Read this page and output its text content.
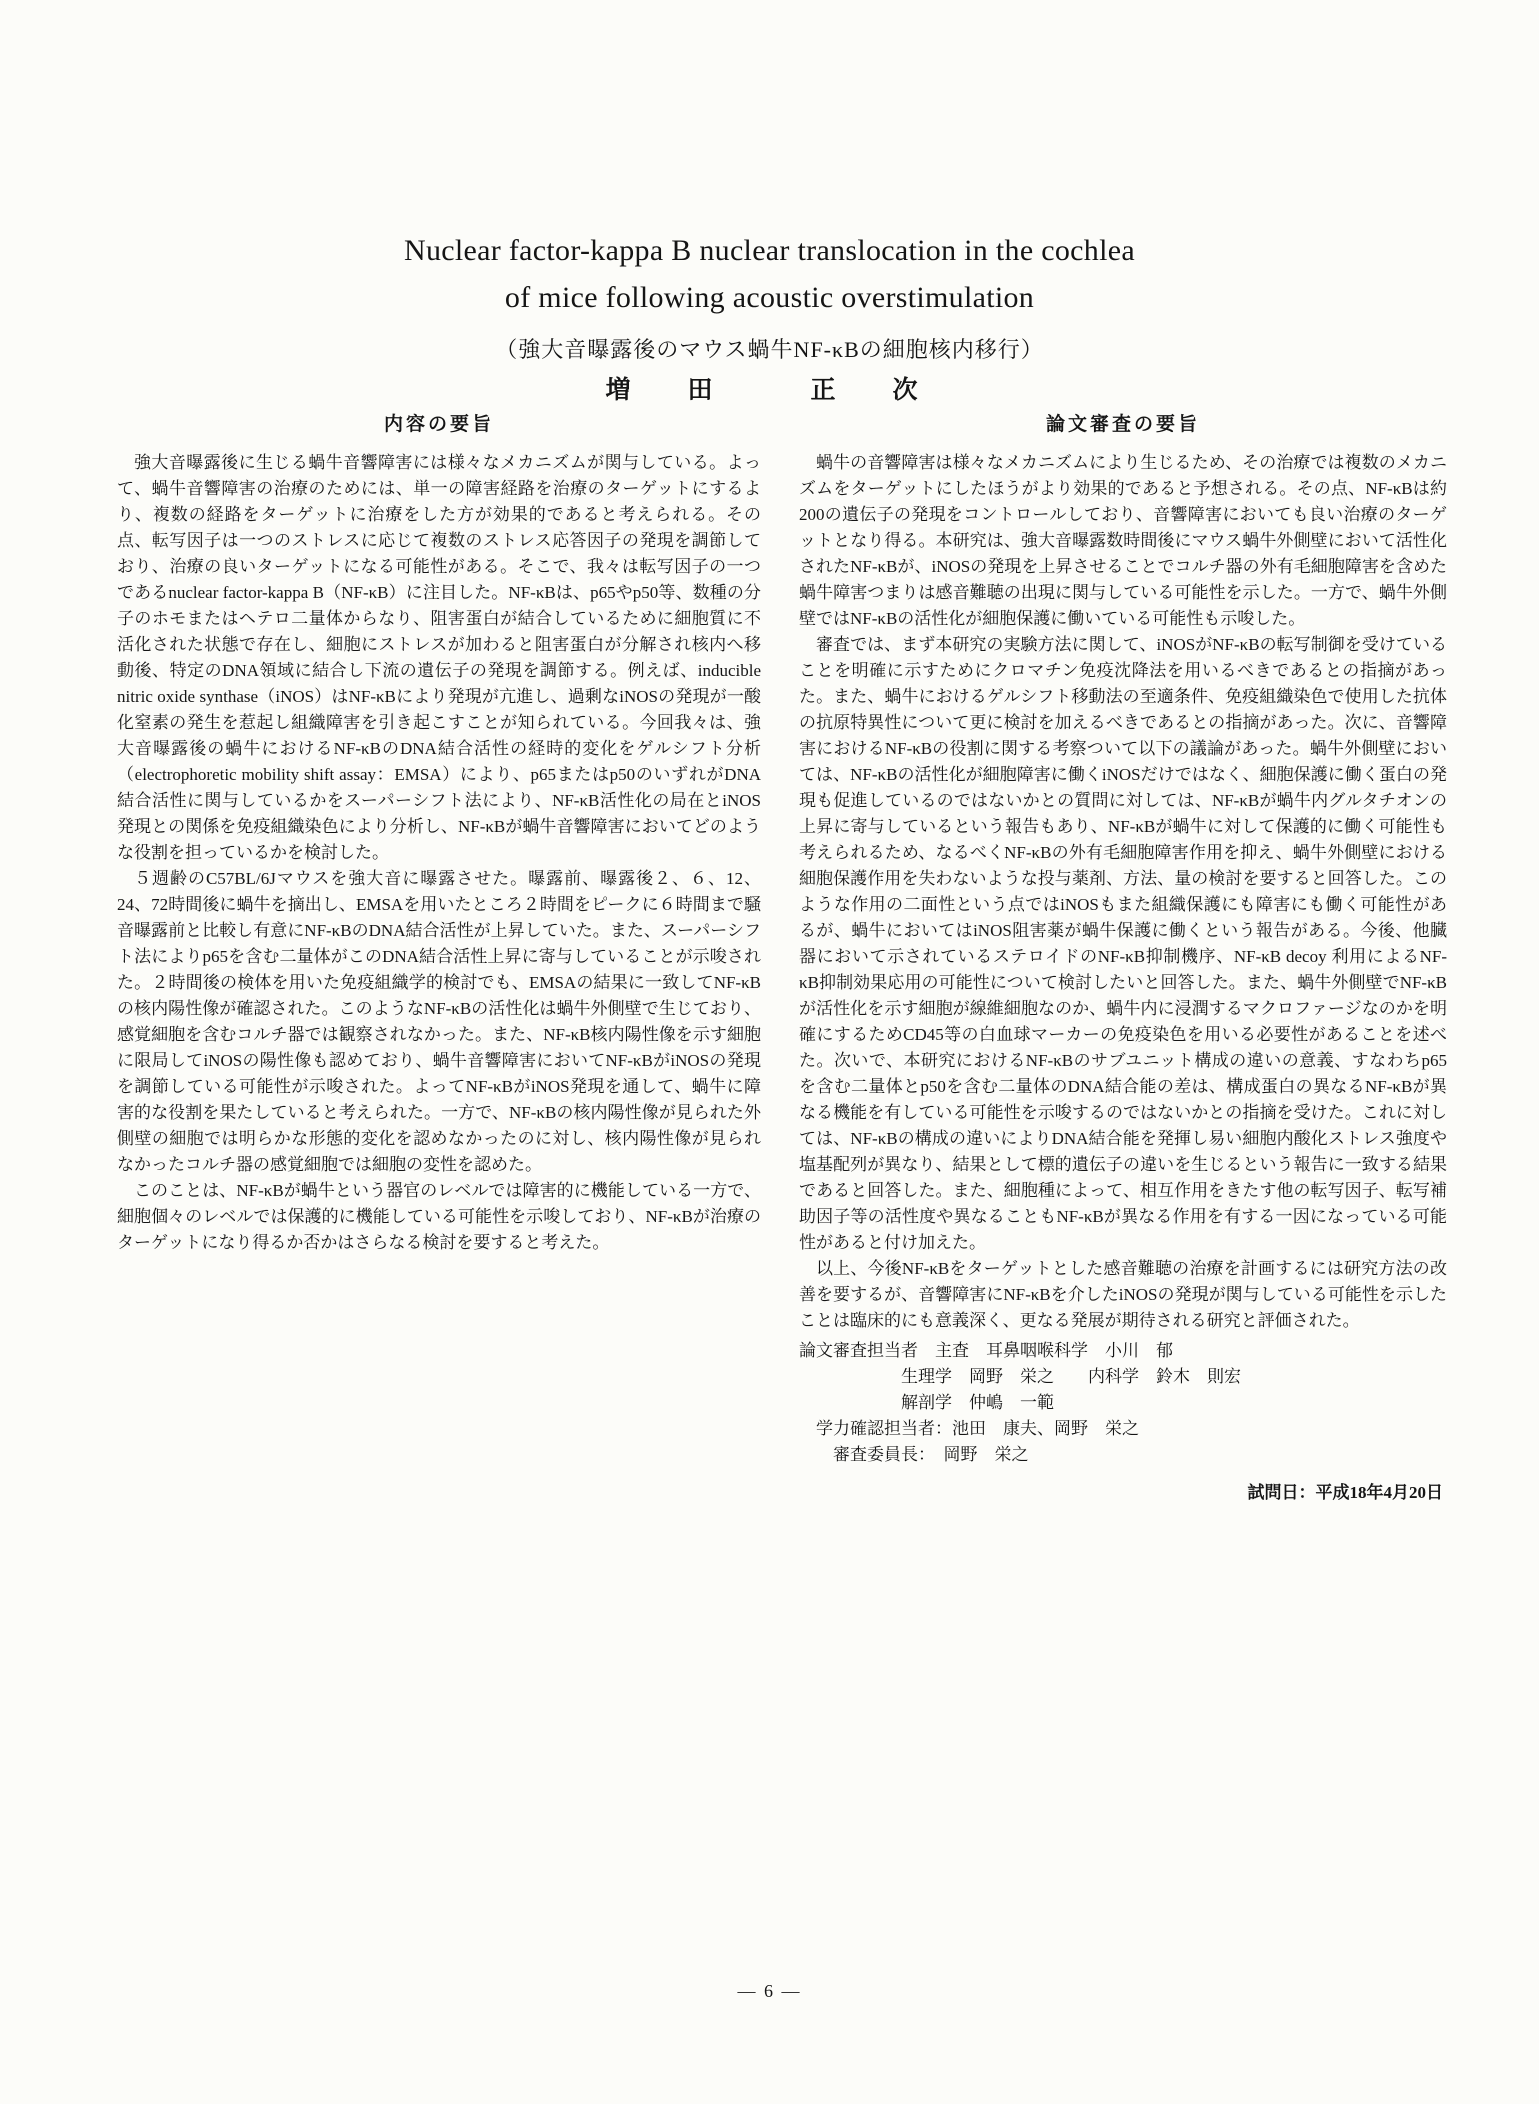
Nuclear factor-kappa B nuclear translocation in the cochlea
of mice following acoustic overstimulation
（強大音曝露後のマウス蝸牛NF-κBの細胞核内移行）
増　田　　正　次
内容の要旨

強大音曝露後に生じる蝸牛音響障害には様々なメカニズムが関与している。よって、蝸牛音響障害の治療のためには、単一の障害経路を治療のターゲットにするより、複数の経路をターゲットに治療をした方が効果的であると考えられる。その点、転写因子は一つのストレスに応じて複数のストレス応答因子の発現を調節しており、治療の良いターゲットになる可能性がある。そこで、我々は転写因子の一つであるnuclear factor-kappa B（NF-κB）に注目した。NF-κBは、p65やp50等、数種の分子のホモまたはヘテロ二量体からなり、阻害蛋白が結合しているために細胞質に不活化された状態で存在し、細胞にストレスが加わると阻害蛋白が分解され核内へ移動後、特定のDNA領域に結合し下流の遺伝子の発現を調節する。例えば、inducible nitric oxide synthase（iNOS）はNF-κBにより発現が亢進し、過剰なiNOSの発現が一酸化窒素の発生を惹起し組織障害を引き起こすことが知られている。今回我々は、強大音曝露後の蝸牛におけるNF-κBのDNA結合活性の経時的変化をゲルシフト分析（electrophoretic mobility shift assay：EMSA）により、p65またはp50のいずれがDNA結合活性に関与しているかをスーパーシフト法により、NF-κB活性化の局在とiNOS発現との関係を免疫組織染色により分析し、NF-κBが蝸牛音響障害においてどのような役割を担っているかを検討した。

５週齢のC57BL/6Jマウスを強大音に曝露させた。曝露前、曝露後２、６、12、24、72時間後に蝸牛を摘出し、EMSAを用いたところ２時間をピークに６時間まで騒音曝露前と比較し有意にNF-κBのDNA結合活性が上昇していた。また、スーパーシフト法によりp65を含む二量体がこのDNA結合活性上昇に寄与していることが示唆された。２時間後の検体を用いた免疫組織学的検討でも、EMSAの結果に一致してNF-κBの核内陽性像が確認された。このようなNF-κBの活性化は蝸牛外側壁で生じており、感覚細胞を含むコルチ器では観察されなかった。また、NF-κB核内陽性像を示す細胞に限局してiNOSの陽性像も認めており、蝸牛音響障害においてNF-κBがiNOSの発現を調節している可能性が示唆された。よってNF-κBがiNOS発現を通して、蝸牛に障害的な役割を果たしていると考えられた。一方で、NF-κBの核内陽性像が見られた外側壁の細胞では明らかな形態的変化を認めなかったのに対し、核内陽性像が見られなかったコルチ器の感覚細胞では細胞の変性を認めた。

このことは、NF-κBが蝸牛という器官のレベルでは障害的に機能している一方で、細胞個々のレベルでは保護的に機能している可能性を示唆しており、NF-κBが治療のターゲットになり得るか否かはさらなる検討を要すると考えた。

論文審査の要旨

蝸牛の音響障害は様々なメカニズムにより生じるため、その治療では複数のメカニズムをターゲットにしたほうがより効果的であると予想される。その点、NF-κBは約200の遺伝子の発現をコントロールしており、音響障害においても良い治療のターゲットとなり得る。本研究は、強大音曝露数時間後にマウス蝸牛外側壁において活性化されたNF-κBが、iNOSの発現を上昇させることでコルチ器の外有毛細胞障害を含めた蝸牛障害つまりは感音難聴の出現に関与している可能性を示した。一方で、蝸牛外側壁ではNF-κBの活性化が細胞保護に働いている可能性も示唆した。

審査では、まず本研究の実験方法に関して、iNOSがNF-κBの転写制御を受けていることを明確に示すためにクロマチン免疫沈降法を用いるべきであるとの指摘があった。また、蝸牛におけるゲルシフト移動法の至適条件、免疫組織染色で使用した抗体の抗原特異性について更に検討を加えるべきであるとの指摘があった。次に、音響障害におけるNF-κBの役割に関する考察ついて以下の議論があった。蝸牛外側壁においては、NF-κBの活性化が細胞障害に働くiNOSだけではなく、細胞保護に働く蛋白の発現も促進しているのではないかとの質問に対しては、NF-κBが蝸牛内グルタチオンの上昇に寄与しているという報告もあり、NF-κBが蝸牛に対して保護的に働く可能性も考えられるため、なるべくNF-κBの外有毛細胞障害作用を抑え、蝸牛外側壁における細胞保護作用を失わないような投与薬剤、方法、量の検討を要すると回答した。このような作用の二面性という点ではiNOSもまた組織保護にも障害にも働く可能性があるが、蝸牛においてはiNOS阻害薬が蝸牛保護に働くという報告がある。今後、他臓器において示されているステロイドのNF-κB抑制機序、NF-κB decoy 利用によるNF-κB抑制効果応用の可能性について検討したいと回答した。また、蝸牛外側壁でNF-κBが活性化を示す細胞が線維細胞なのか、蝸牛内に浸潤するマクロファージなのかを明確にするためCD45等の白血球マーカーの免疫染色を用いる必要性があることを述べた。次いで、本研究におけるNF-κBのサブユニット構成の違いの意義、すなわちp65を含む二量体とp50を含む二量体のDNA結合能の差は、構成蛋白の異なるNF-κBが異なる機能を有している可能性を示唆するのではないかとの指摘を受けた。これに対しては、NF-κBの構成の違いによりDNA結合能を発揮し易い細胞内酸化ストレス強度や塩基配列が異なり、結果として標的遺伝子の違いを生じるという報告に一致する結果であると回答した。また、細胞種によって、相互作用をきたす他の転写因子、転写補助因子等の活性度や異なることもNF-κBが異なる作用を有する一因になっている可能性があると付け加えた。

以上、今後NF-κBをターゲットとした感音難聴の治療を計画するには研究方法の改善を要するが、音響障害にNF-κBを介したiNOSの発現が関与している可能性を示したことは臨床的にも意義深く、更なる発展が期待される研究と評価された。

論文審査担当者　主査　耳鼻咽喉科学　小川　郁

　　　　　　生理学　岡野　栄之　　内科学　鈴木　則宏

　　　　　　解剖学　仲嶋　一範

　学力確認担当者：池田　康夫、岡野　栄之

　　審査委員長：　岡野　栄之

試問日：平成18年4月20日
― 6 ―
